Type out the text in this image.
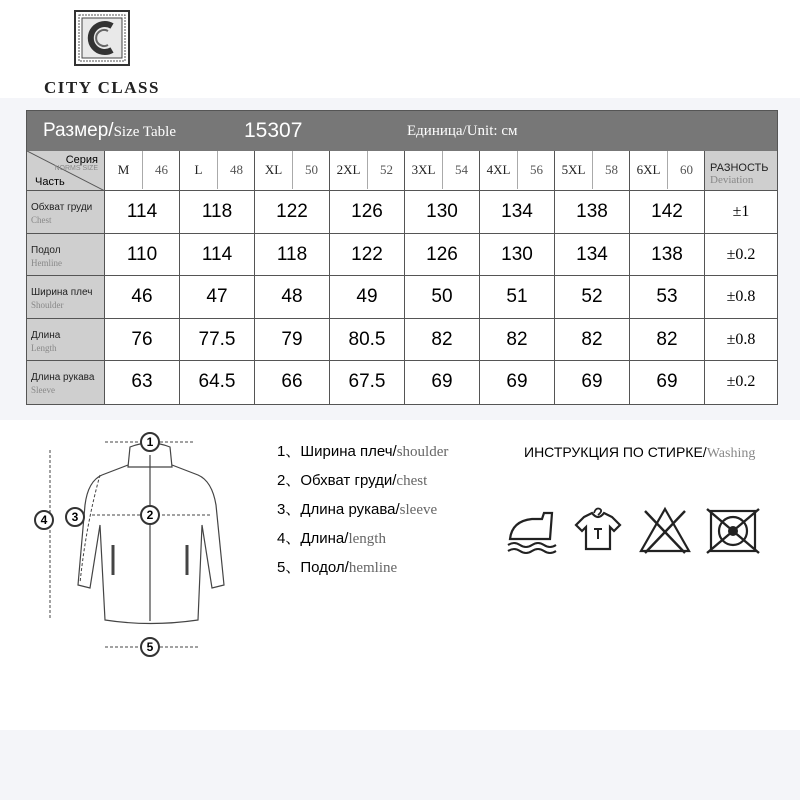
CITY CLASS
Размер/Size Table	15307	Единица/Unit: см
Серия
NORMS SIZE
Часть
M	46	L	48	XL	50	2XL	52	3XL	54	4XL	56	5XL	58	6XL	60	РАЗНОСТЬ
Deviation
Обхват груди
Chest	114	118	122	126	130	134	138	142	±1
Подол
Hemline	110	114	118	122	126	130	134	138	±0.2
Ширина плеч
Shoulder	46	47	48	49	50	51	52	53	±0.8
Длина
Length	76	77.5	79	80.5	82	82	82	82	±0.8
Длина рукава
Sleeve	63	64.5	66	67.5	69	69	69	69	±0.2
1
2
3
4
5
1、Ширина плеч/shoulder
2、Обхват груди/chest
3、Длина рукава/sleeve
4、Длина/length
5、Подол/hemline
ИНСТРУКЦИЯ ПО СТИРКЕ/Washing
